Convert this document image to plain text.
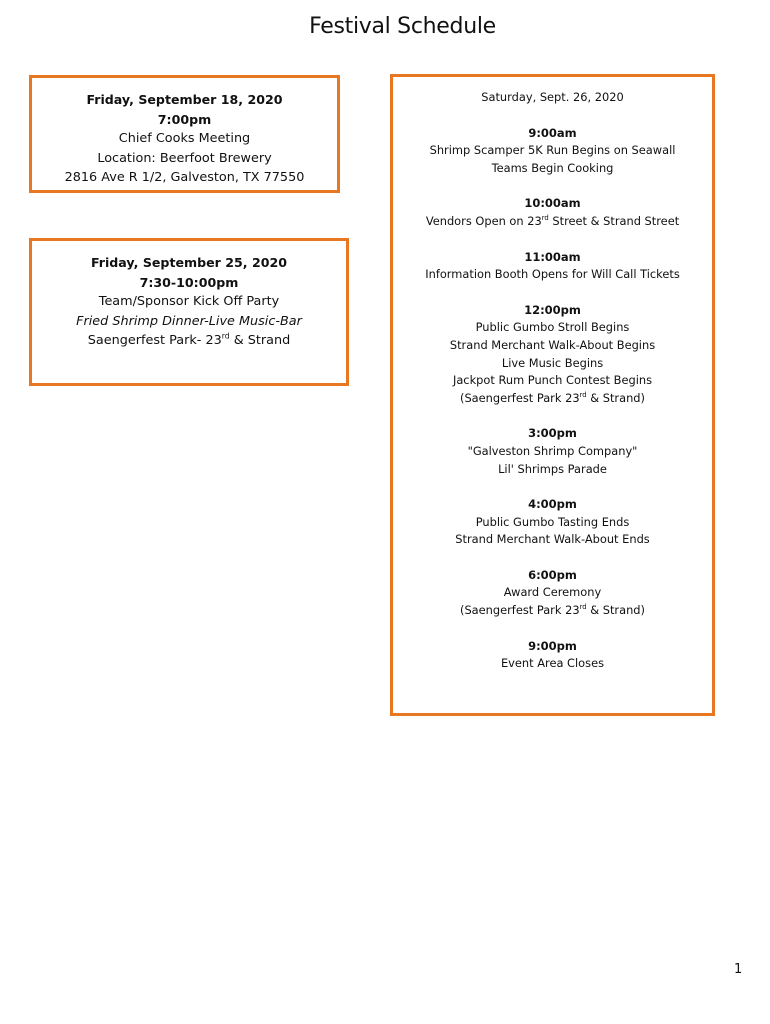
Festival Schedule
Friday, September 18, 2020
7:00pm
Chief Cooks Meeting
Location: Beerfoot Brewery
2816 Ave R 1/2, Galveston, TX 77550
Friday, September 25, 2020
7:30-10:00pm
Team/Sponsor Kick Off Party
Fried Shrimp Dinner-Live Music-Bar
Saengerfest Park- 23rd & Strand
Saturday, Sept. 26, 2020
9:00am
Shrimp Scamper 5K Run Begins on Seawall
Teams Begin Cooking
10:00am
Vendors Open on 23rd Street & Strand Street
11:00am
Information Booth Opens for Will Call Tickets
12:00pm
Public Gumbo Stroll Begins
Strand Merchant Walk-About Begins
Live Music Begins
Jackpot Rum Punch Contest Begins
(Saengerfest Park 23rd & Strand)
3:00pm
"Galveston Shrimp Company"
Lil' Shrimps Parade
4:00pm
Public Gumbo Tasting Ends
Strand Merchant Walk-About Ends
6:00pm
Award Ceremony
(Saengerfest Park 23rd & Strand)
9:00pm
Event Area Closes
1
